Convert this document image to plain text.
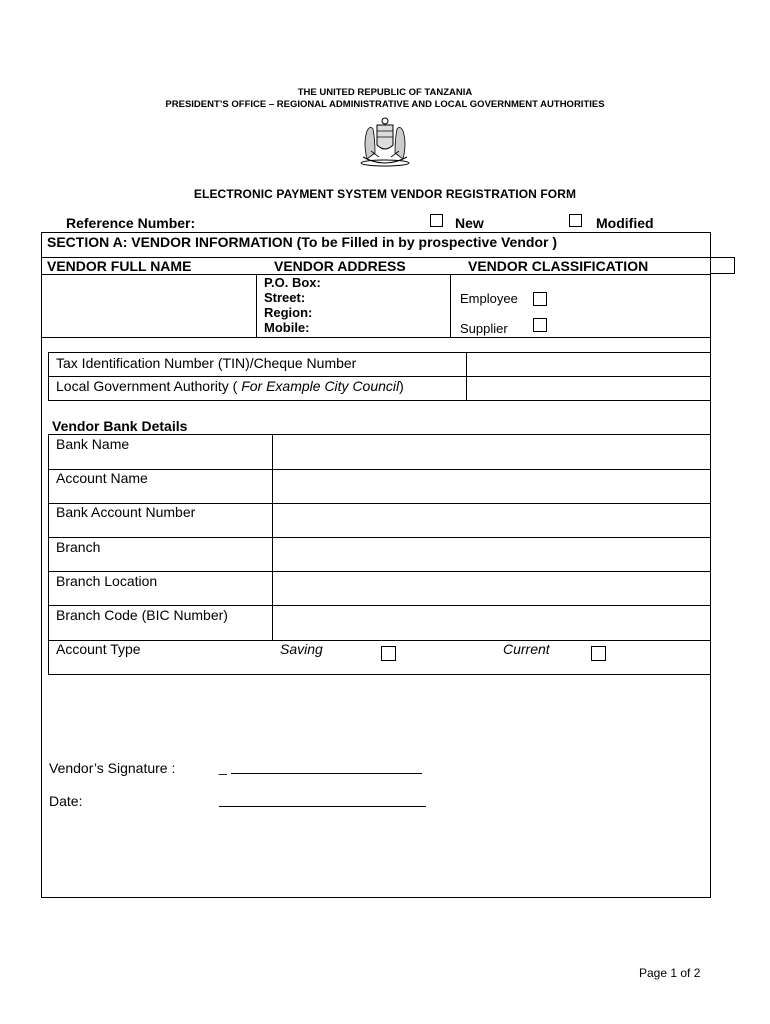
THE UNITED REPUBLIC OF TANZANIA
PRESIDENT’S OFFICE – REGIONAL ADMINISTRATIVE AND LOCAL GOVERNMENT AUTHORITIES
ELECTRONIC PAYMENT SYSTEM VENDOR REGISTRATION FORM
Reference Number:	New	Modified
SECTION A: VENDOR INFORMATION (To be Filled in by prospective Vendor )
VENDOR FULL NAME	VENDOR ADDRESS	VENDOR CLASSIFICATION
P.O. Box:
Street:
Region:
Mobile:
Employee
Supplier
Tax Identification Number (TIN)/Cheque Number
Local Government Authority ( For Example City Council)
Vendor Bank Details
Bank Name
Account Name
Bank Account Number
Branch
Branch Location
Branch Code (BIC Number)
Account Type	Saving	Current
Vendor’s Signature :	_
Date:
Page 1 of 2
